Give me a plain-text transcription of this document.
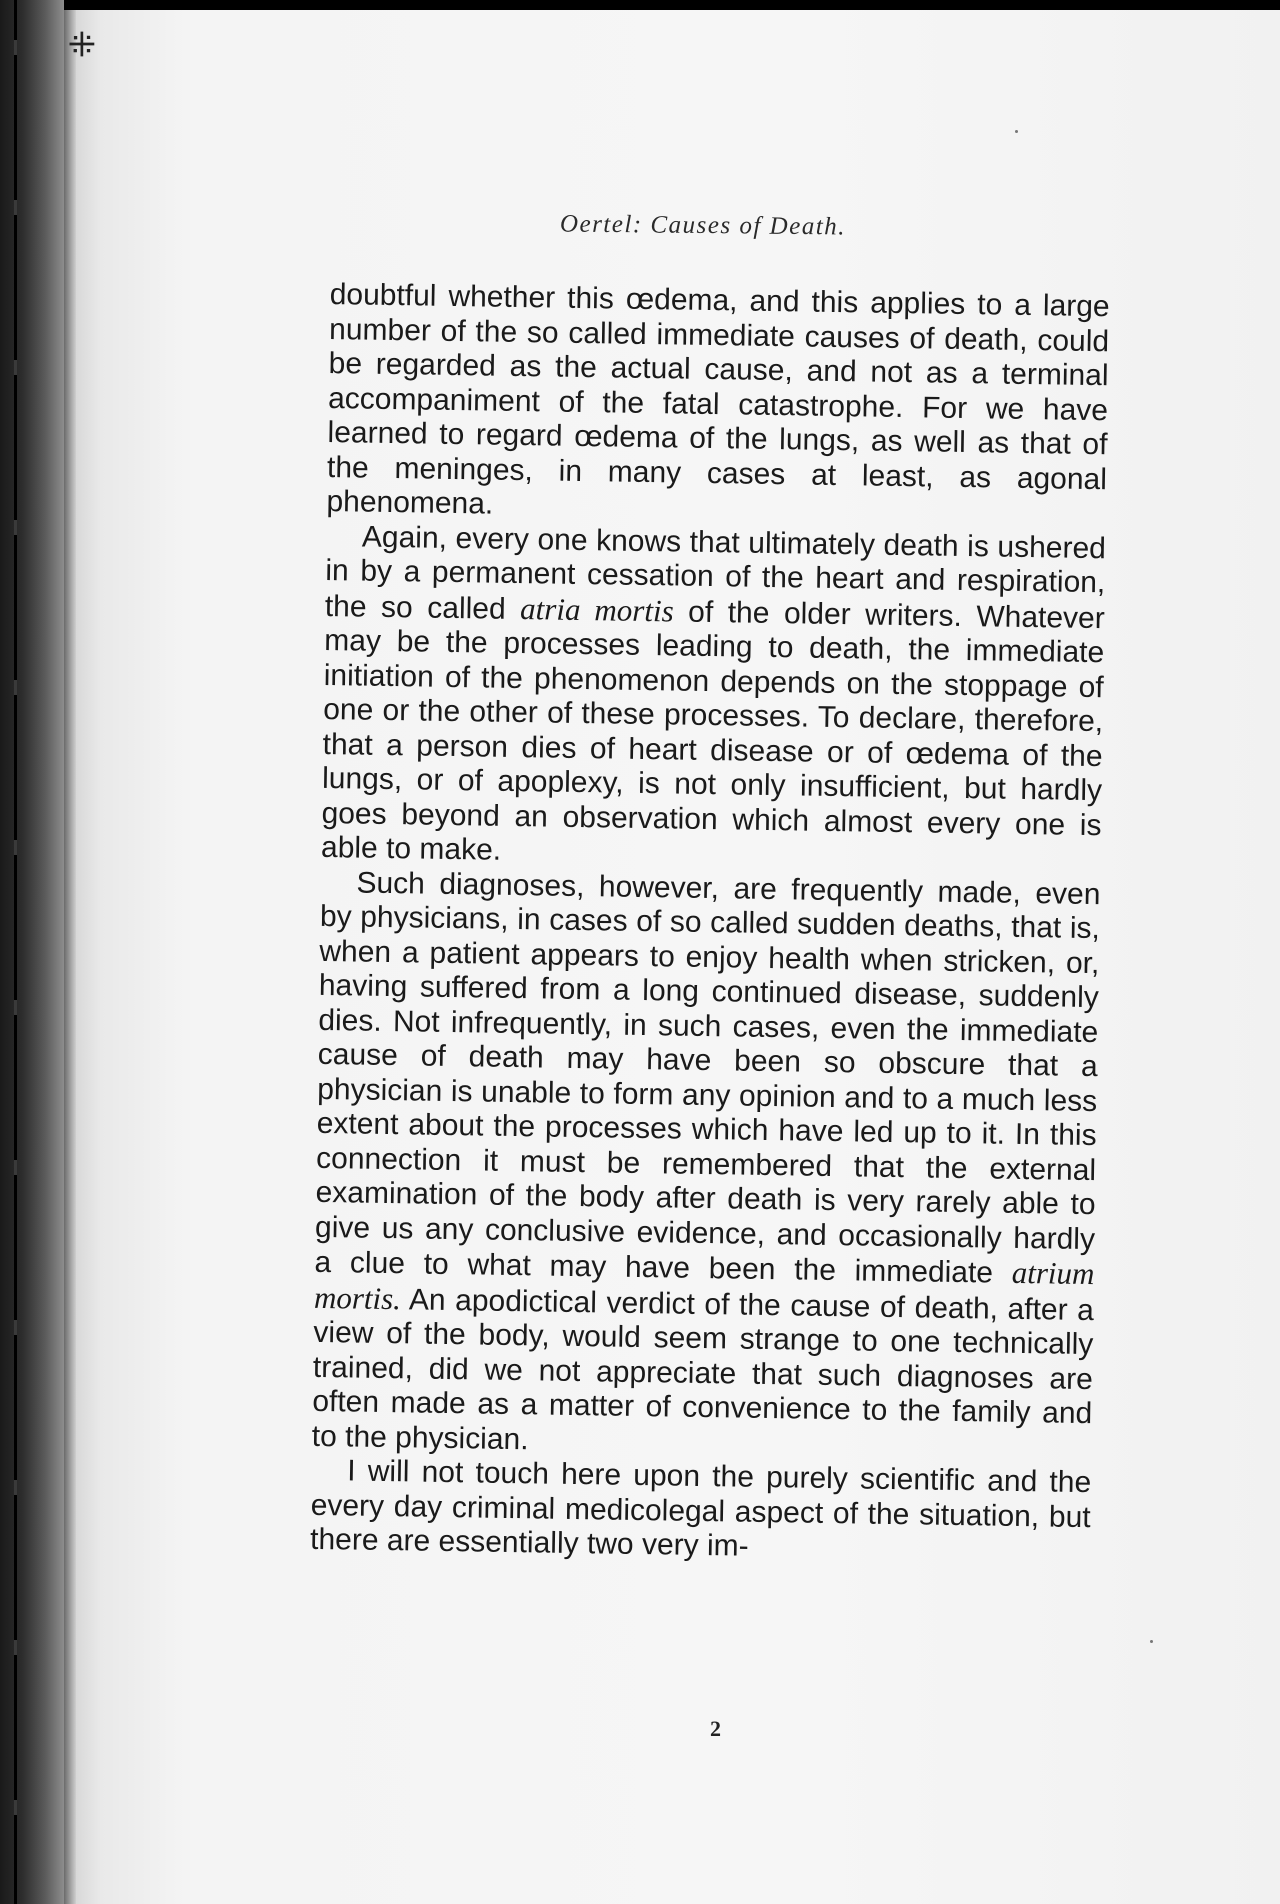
⁜
Oertel: Causes of Death.

doubtful whether this œdema, and this applies to a large number of the so called immediate causes of death, could be regarded as the actual cause, and not as a terminal accompaniment of the fatal catastrophe. For we have learned to regard œdema of the lungs, as well as that of the meninges, in many cases at least, as agonal phenomena.

Again, every one knows that ultimately death is ushered in by a permanent cessation of the heart and respiration, the so called atria mortis of the older writers. Whatever may be the processes leading to death, the immediate initiation of the phenomenon depends on the stoppage of one or the other of these processes. To declare, therefore, that a person dies of heart disease or of œdema of the lungs, or of apoplexy, is not only insufficient, but hardly goes beyond an observation which almost every one is able to make.

Such diagnoses, however, are frequently made, even by physicians, in cases of so called sudden deaths, that is, when a patient appears to enjoy health when stricken, or, having suffered from a long continued disease, suddenly dies. Not infrequently, in such cases, even the immediate cause of death may have been so obscure that a physician is unable to form any opinion and to a much less extent about the processes which have led up to it. In this connection it must be remembered that the external examination of the body after death is very rarely able to give us any conclusive evidence, and occasionally hardly a clue to what may have been the immediate atrium mortis. An apodictical verdict of the cause of death, after a view of the body, would seem strange to one technically trained, did we not appreciate that such diagnoses are often made as a matter of convenience to the family and to the physician.

I will not touch here upon the purely scientific and the every day criminal medicolegal aspect of the situation, but there are essentially two very im-

2
